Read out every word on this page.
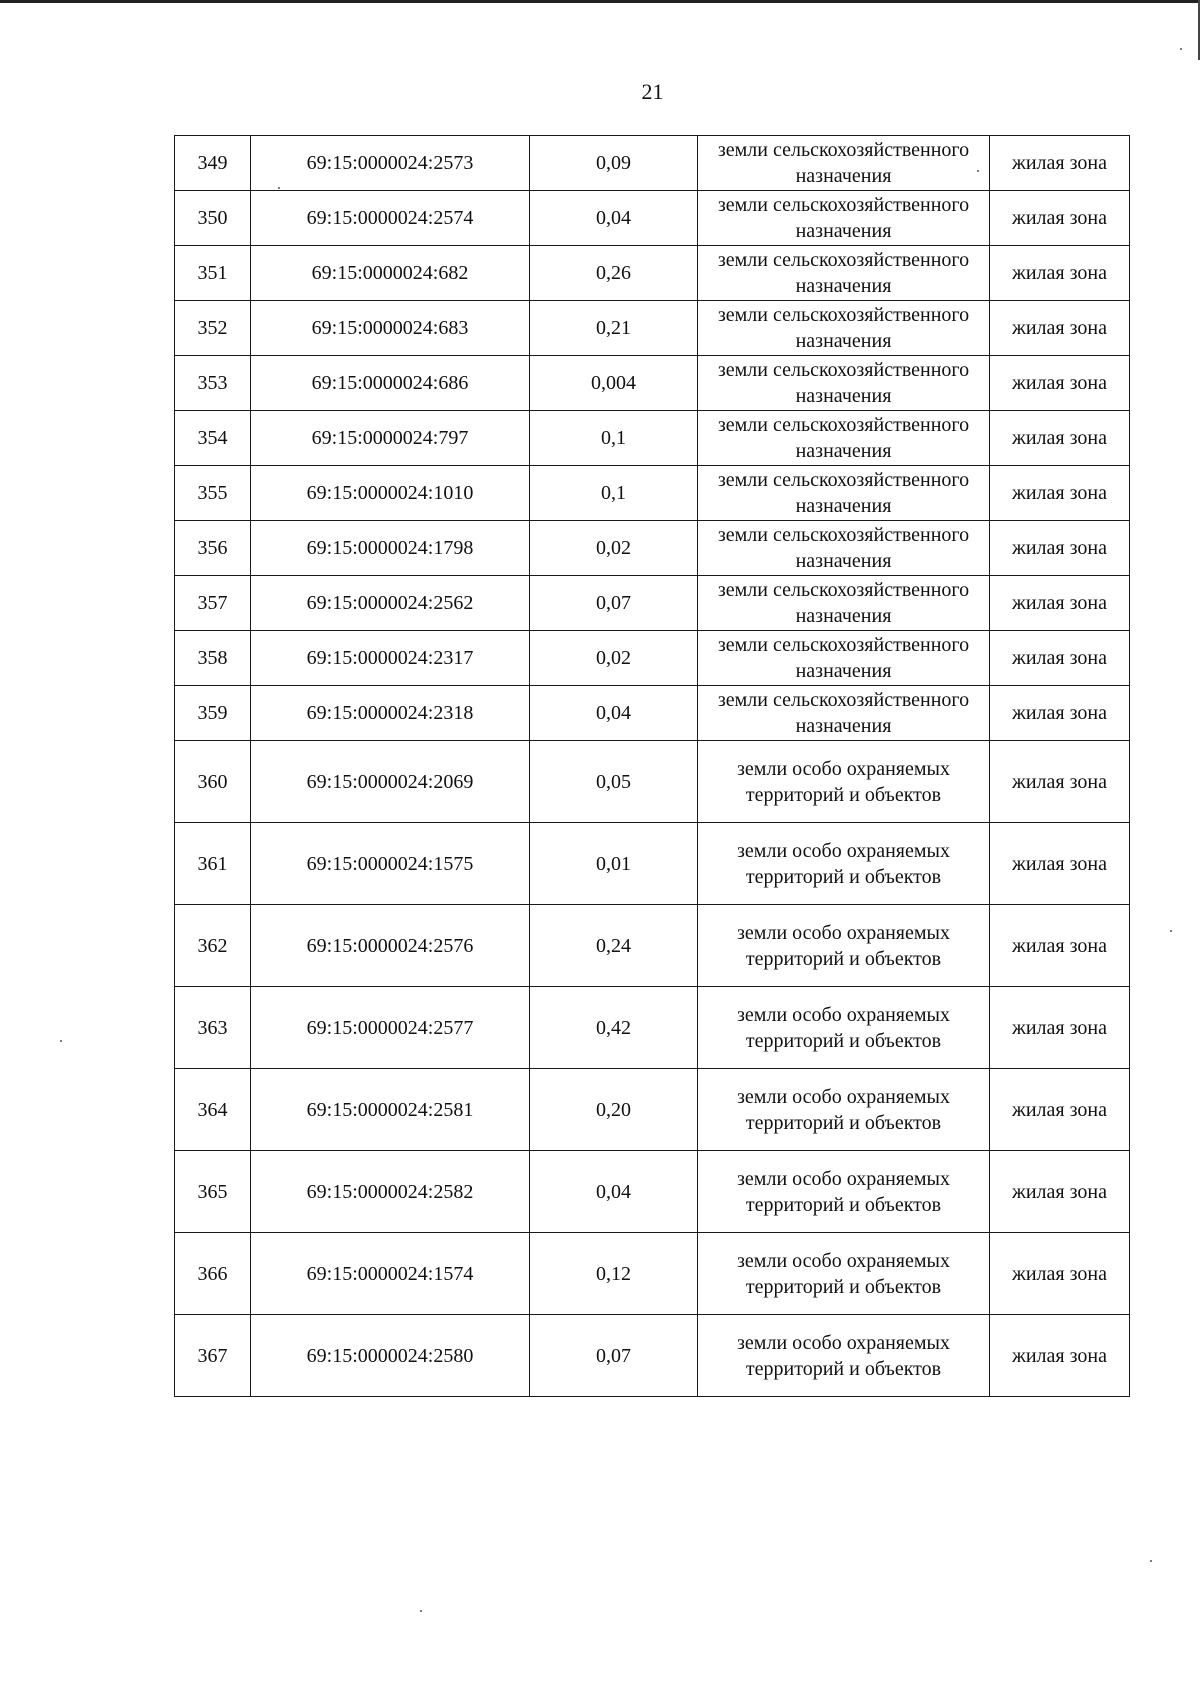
21
349	69:15:0000024:2573	0,09	земли сельскохозяйственного назначения	жилая зона
350	69:15:0000024:2574	0,04	земли сельскохозяйственного назначения	жилая зона
351	69:15:0000024:682	0,26	земли сельскохозяйственного назначения	жилая зона
352	69:15:0000024:683	0,21	земли сельскохозяйственного назначения	жилая зона
353	69:15:0000024:686	0,004	земли сельскохозяйственного назначения	жилая зона
354	69:15:0000024:797	0,1	земли сельскохозяйственного назначения	жилая зона
355	69:15:0000024:1010	0,1	земли сельскохозяйственного назначения	жилая зона
356	69:15:0000024:1798	0,02	земли сельскохозяйственного назначения	жилая зона
357	69:15:0000024:2562	0,07	земли сельскохозяйственного назначения	жилая зона
358	69:15:0000024:2317	0,02	земли сельскохозяйственного назначения	жилая зона
359	69:15:0000024:2318	0,04	земли сельскохозяйственного назначения	жилая зона
360	69:15:0000024:2069	0,05	земли особо охраняемых территорий и объектов	жилая зона
361	69:15:0000024:1575	0,01	земли особо охраняемых территорий и объектов	жилая зона
362	69:15:0000024:2576	0,24	земли особо охраняемых территорий и объектов	жилая зона
363	69:15:0000024:2577	0,42	земли особо охраняемых территорий и объектов	жилая зона
364	69:15:0000024:2581	0,20	земли особо охраняемых территорий и объектов	жилая зона
365	69:15:0000024:2582	0,04	земли особо охраняемых территорий и объектов	жилая зона
366	69:15:0000024:1574	0,12	земли особо охраняемых территорий и объектов	жилая зона
367	69:15:0000024:2580	0,07	земли особо охраняемых территорий и объектов	жилая зона
